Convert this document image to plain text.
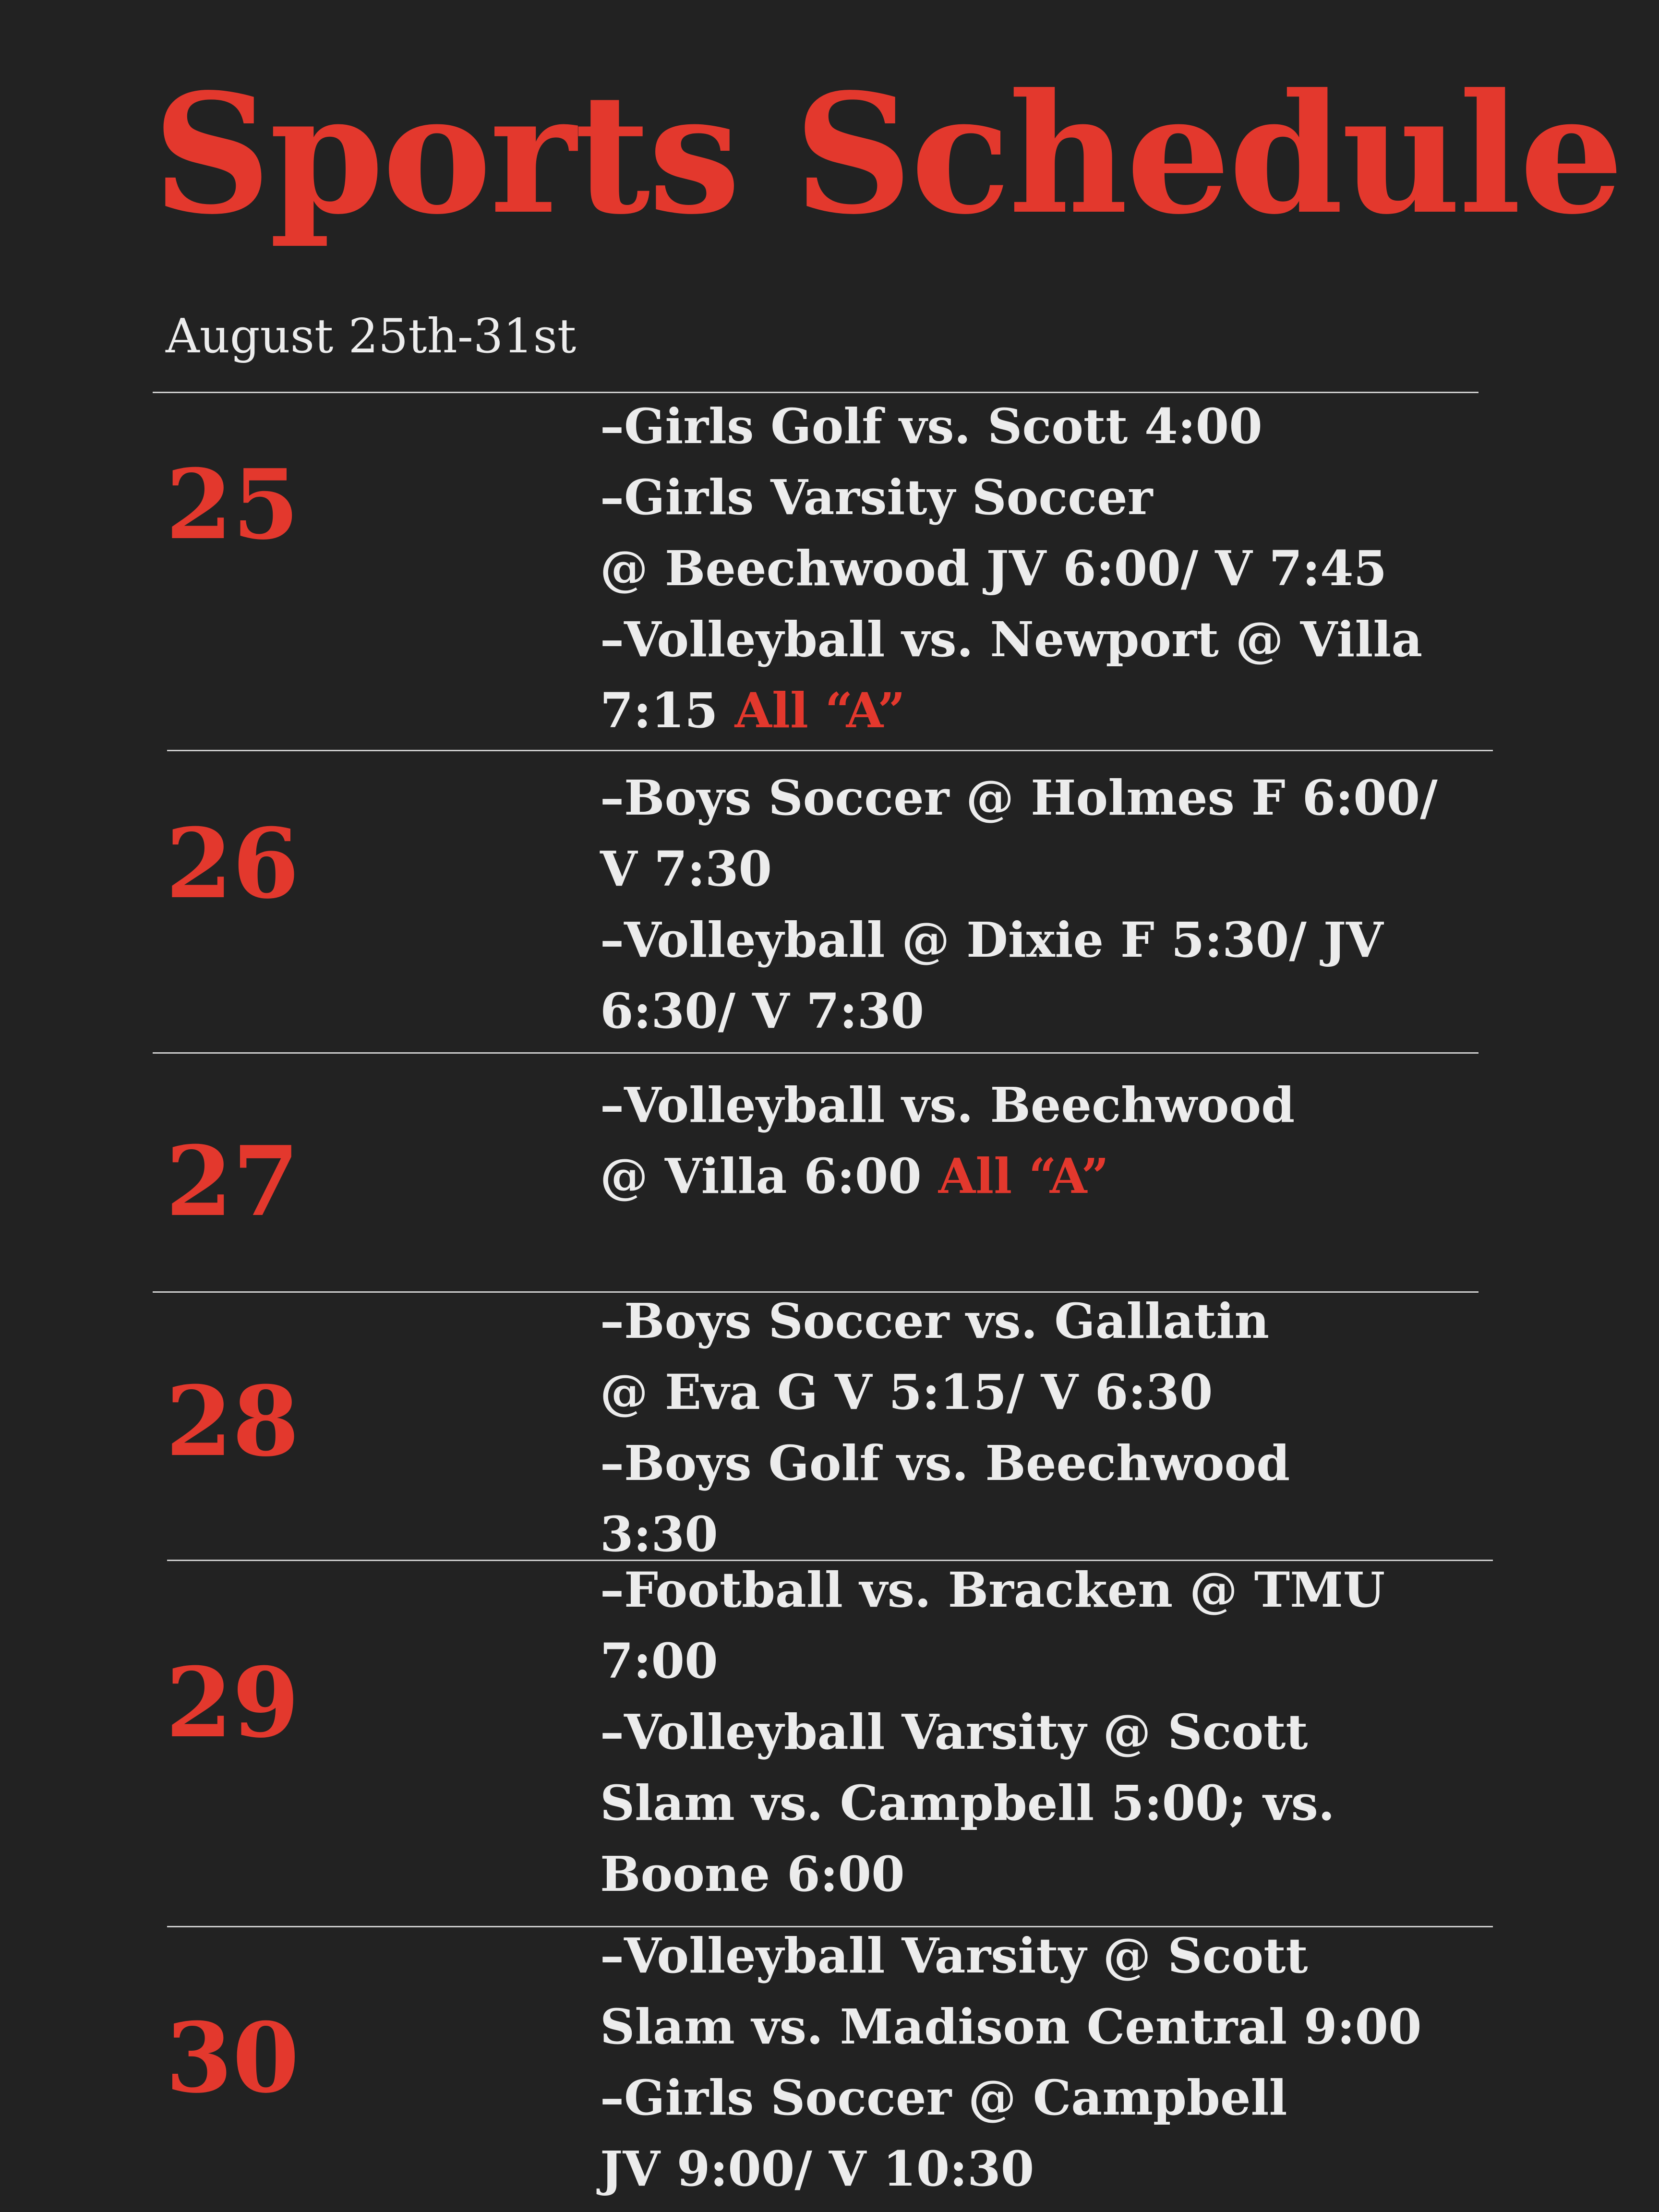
Sports Schedule
August 25th-31st
25
–Girls Golf vs. Scott 4:00
–Girls Varsity Soccer
@ Beechwood JV 6:00/ V 7:45
–Volleyball vs. Newport @ Villa
7:15 All “A”
26
–Boys Soccer @ Holmes F 6:00/
V 7:30
–Volleyball @ Dixie F 5:30/ JV
6:30/ V 7:30
27
–Volleyball vs. Beechwood
@ Villa 6:00 All “A”
28
–Boys Soccer vs. Gallatin
@ Eva G V 5:15/ V 6:30
–Boys Golf vs. Beechwood
3:30
29
–Football vs. Bracken @ TMU
7:00
–Volleyball Varsity @ Scott
Slam vs. Campbell 5:00; vs.
Boone 6:00
30
–Volleyball Varsity @ Scott
Slam vs. Madison Central 9:00
–Girls Soccer @ Campbell
JV 9:00/ V 10:30
